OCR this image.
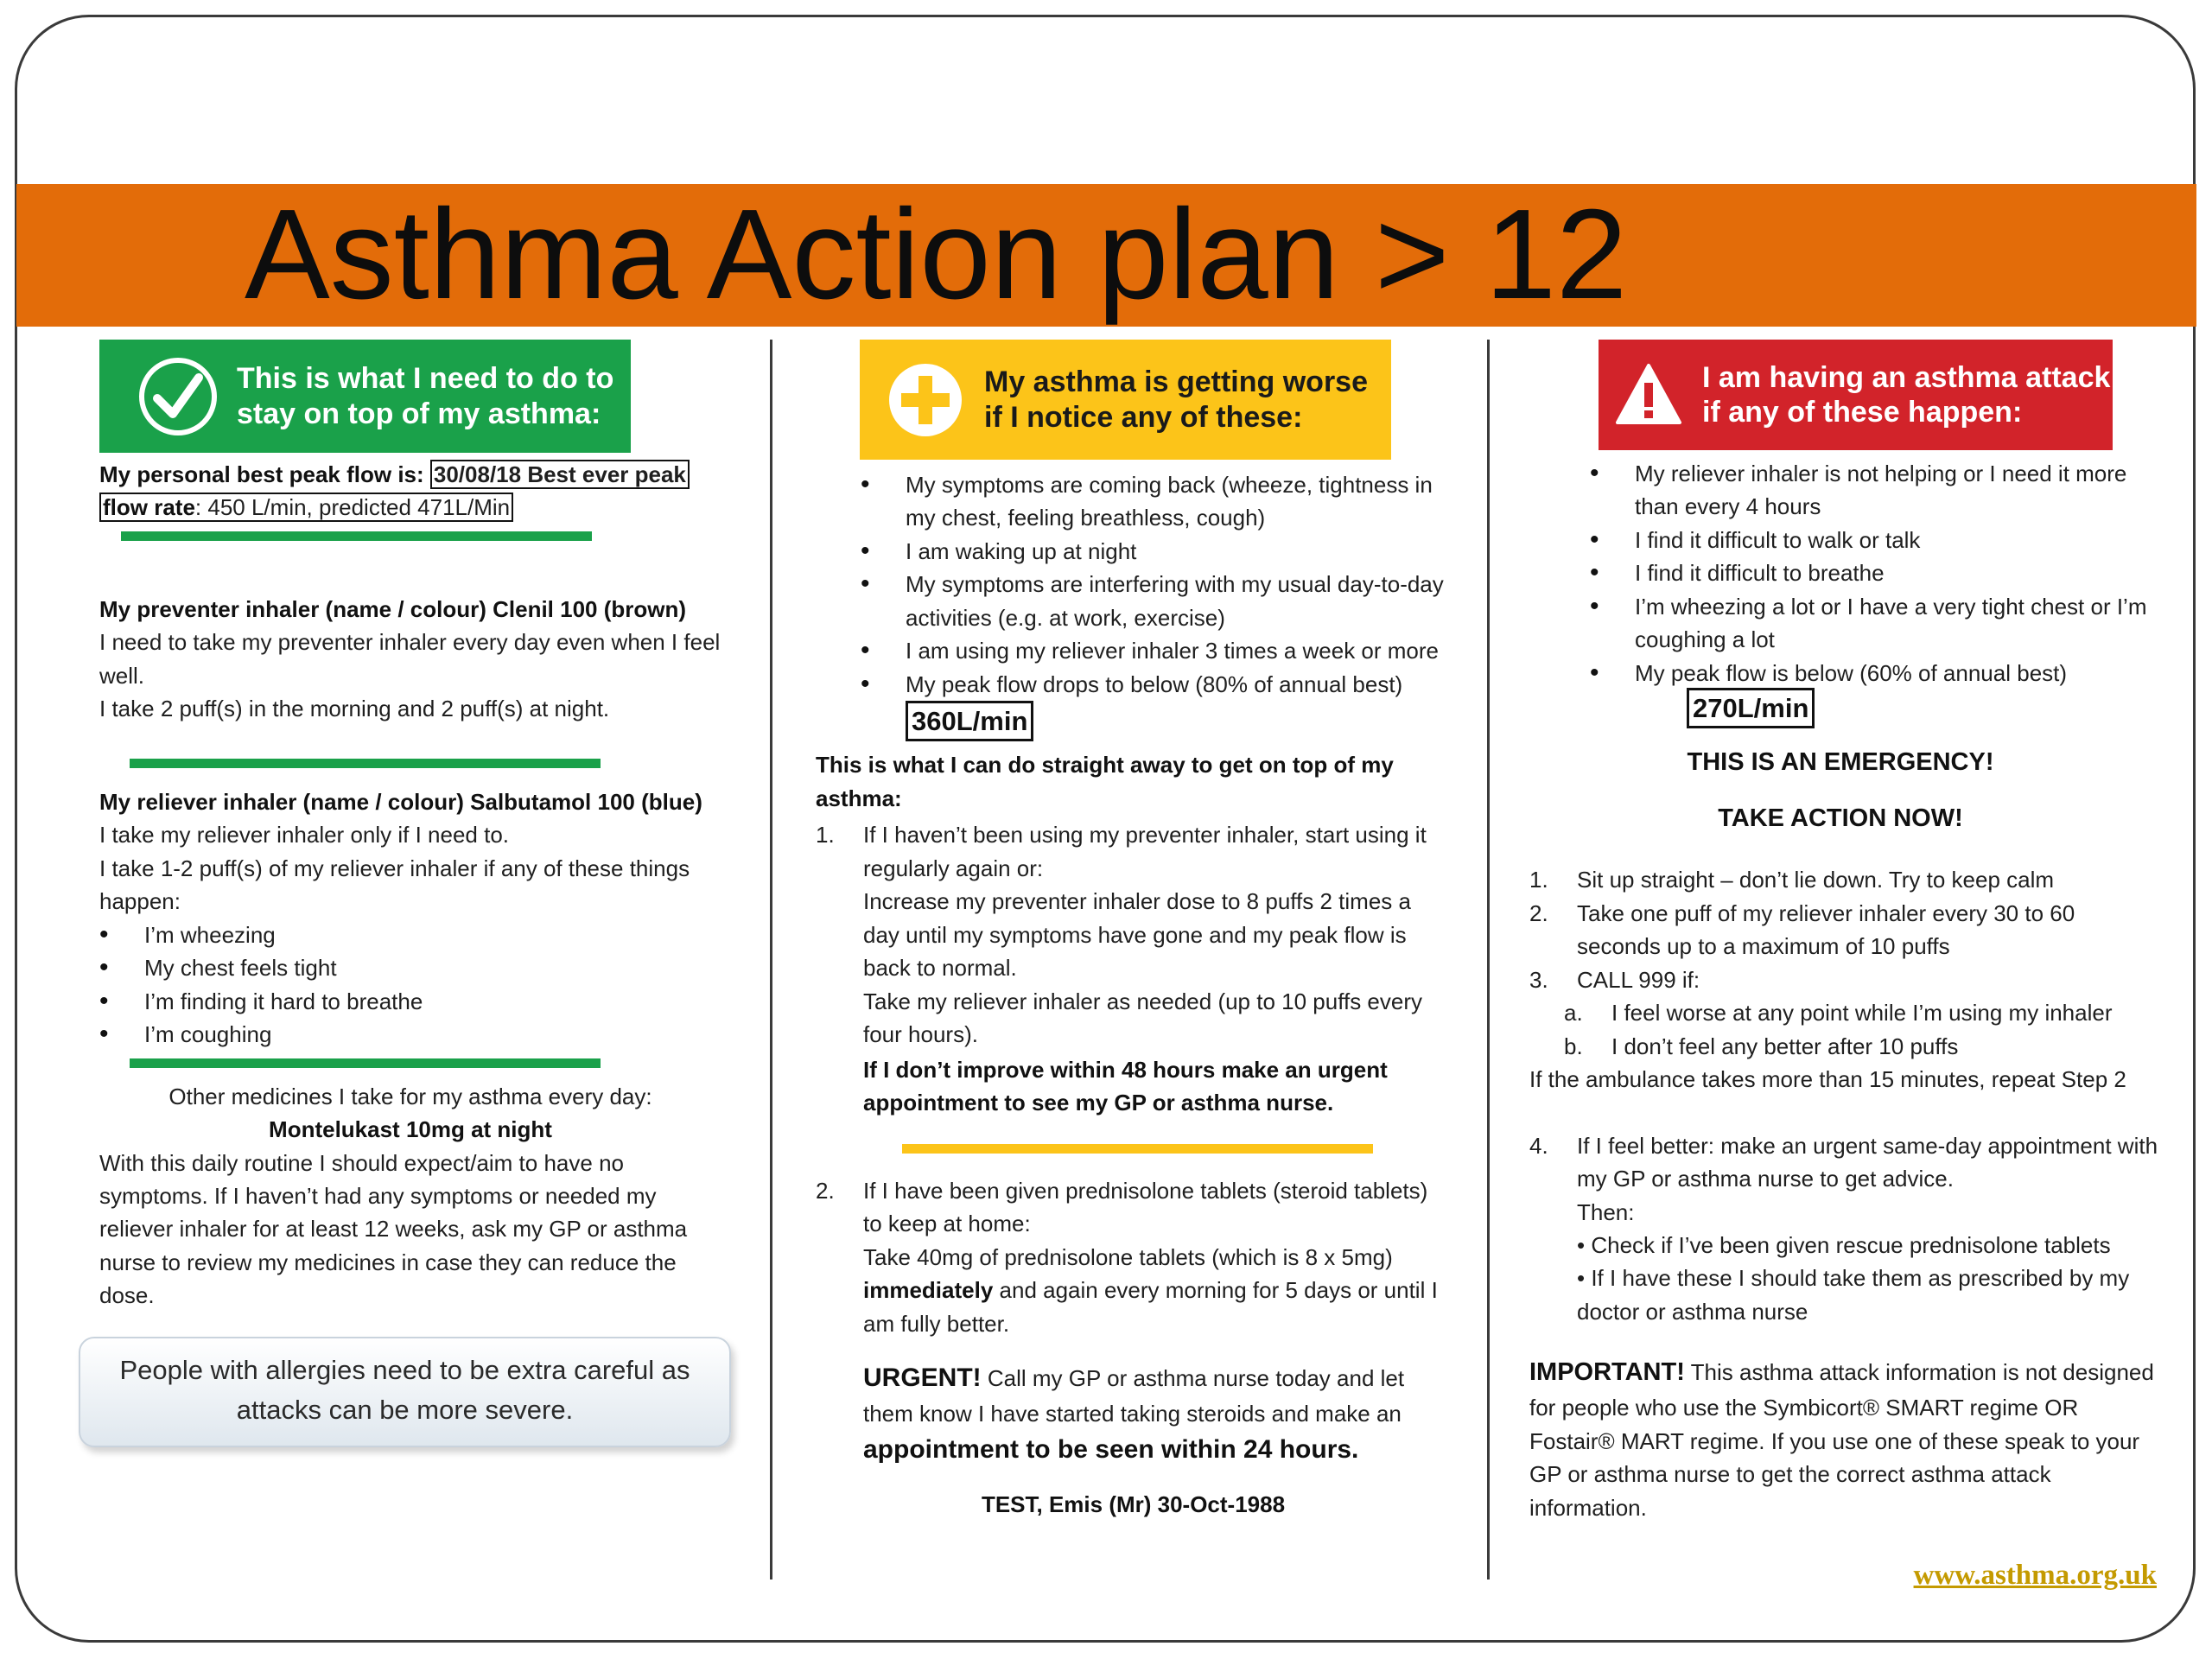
Asthma Action plan > 12
This is what I need to do to
stay on top of my asthma:

My personal best peak flow is: 30/08/18 Best ever peak

flow rate: 450 L/min, predicted 471L/Min

My preventer inhaler (name / colour) Clenil 100 (brown)

I need to take my preventer inhaler every day even when I feel well.

I take 2 puff(s) in the morning and 2 puff(s) at night.

My reliever inhaler (name / colour) Salbutamol 100 (blue)

I take my reliever inhaler only if I need to.

I take 1-2 puff(s) of my reliever inhaler if any of these things happen:

• I’m wheezing
• My chest feels tight
• I’m finding it hard to breathe
• I’m coughing

Other medicines I take for my asthma every day:

Montelukast 10mg at night

With this daily routine I should expect/aim to have no symptoms. If I haven’t had any symptoms or needed my reliever inhaler for at least 12 weeks, ask my GP or asthma nurse to review my medicines in case they can reduce the dose.

People with allergies need to be extra careful as attacks can be more severe.
My asthma is getting worse
if I notice any of these:
• My symptoms are coming back (wheeze, tightness in my chest, feeling breathless, cough)
• I am waking up at night
• My symptoms are interfering with my usual day-to-day activities (e.g. at work, exercise)
• I am using my reliever inhaler 3 times a week or more
• My peak flow drops to below (80% of annual best)
360L/min

This is what I can do straight away to get on top of my asthma:

1. If I haven’t been using my preventer inhaler, start using it regularly again or:

Increase my preventer inhaler dose to 8 puffs 2 times a day until my symptoms have gone and my peak flow is back to normal.

Take my reliever inhaler as needed (up to 10 puffs every four hours).

If I don’t improve within 48 hours make an urgent appointment to see my GP or asthma nurse.

2. If I have been given prednisolone tablets (steroid tablets) to keep at home:

Take 40mg of prednisolone tablets (which is 8 x 5mg) immediately and again every morning for 5 days or until I am fully better.

URGENT! Call my GP or asthma nurse today and let them know I have started taking steroids and make an

appointment to be seen within 24 hours.

TEST, Emis (Mr) 30-Oct-1988

I am having an asthma attack
if any of these happen:
• My reliever inhaler is not helping or I need it more than every 4 hours
• I find it difficult to walk or talk
• I find it difficult to breathe
• I’m wheezing a lot or I have a very tight chest or I’m coughing a lot
• My peak flow is below (60% of annual best)
270L/min

THIS IS AN EMERGENCY!

TAKE ACTION NOW!

1. Sit up straight – don’t lie down. Try to keep calm

2. Take one puff of my reliever inhaler every 30 to 60 seconds up to a maximum of 10 puffs

3. CALL 999 if:

a. I feel worse at any point while I’m using my inhaler

b. I don’t feel any better after 10 puffs

If the ambulance takes more than 15 minutes, repeat Step 2

4. If I feel better: make an urgent same-day appointment with my GP or asthma nurse to get advice.

Then:

• Check if I’ve been given rescue prednisolone tablets

• If I have these I should take them as prescribed by my doctor or asthma nurse

IMPORTANT! This asthma attack information is not designed for people who use the Symbicort® SMART regime OR Fostair® MART regime. If you use one of these speak to your GP or asthma nurse to get the correct asthma attack information.

www.asthma.org.uk
